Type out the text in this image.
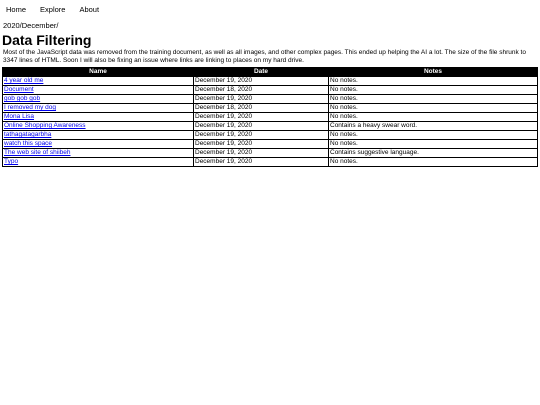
Home Explore About
2020/December/
Data Filtering

Most of the JavaScript data was removed from the training document, as well as all images, and other complex pages. This ended up helping the AI a lot. The size of the file shrunk to 3347 lines of HTML. Soon I will also be fixing an issue where links are linking to places on my hard drive.

Name	Date	Notes
4 year old me	December 19, 2020	No notes.
Document	December 18, 2020	No notes.
gob gob gob	December 19, 2020	No notes.
I removed my dog	December 18, 2020	No notes.
Mona Lisa	December 19, 2020	No notes.
Online Shopping Awareness	December 19, 2020	Contains a heavy swear word.
tathagatagarbha	December 19, 2020	No notes.
watch this space	December 19, 2020	No notes.
The web site of shiibeh	December 19, 2020	Contains suggestive language.
Typo	December 19, 2020	No notes.
